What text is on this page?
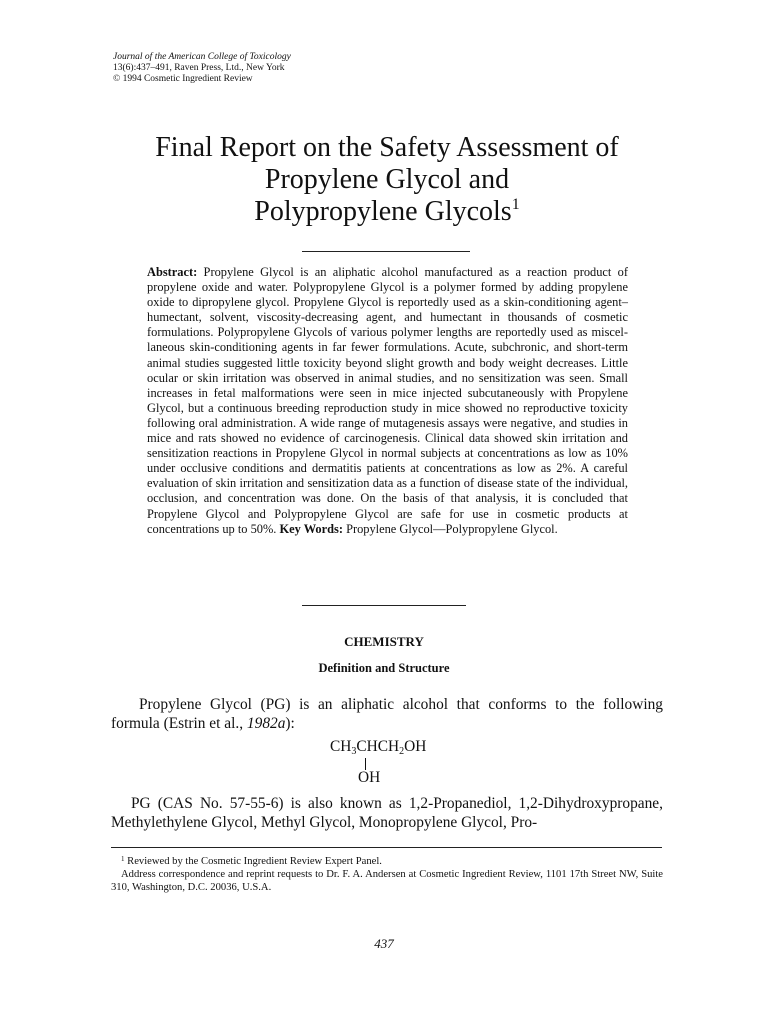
Journal of the American College of Toxicology
13(6):437–491, Raven Press, Ltd., New York
© 1994 Cosmetic Ingredient Review
Final Report on the Safety Assessment of
Propylene Glycol and
Polypropylene Glycols$^1$
Abstract: Propylene Glycol is an aliphatic alcohol manufactured as a reaction product of propylene oxide and water. Polypropylene Glycol is a polymer formed by adding propylene oxide to dipropylene glycol. Propylene Glycol is reportedly used as a skin-conditioning agent–humectant, solvent, viscosity-decreasing agent, and humectant in thousands of cosmetic formulations. Polypropylene Glycols of various polymer lengths are reportedly used as miscellaneous skin-conditioning agents in far fewer formulations. Acute, subchronic, and short-term animal studies suggested little toxicity beyond slight growth and body weight decreases. Little ocular or skin irritation was observed in animal studies, and no sensitization was seen. Small increases in fetal malformations were seen in mice injected subcutaneously with Propylene Glycol, but a continuous breeding reproduction study in mice showed no reproductive toxicity following oral administration. A wide range of mutagenesis assays were negative, and studies in mice and rats showed no evidence of carcinogenesis. Clinical data showed skin irritation and sensitization reactions in Propylene Glycol in normal subjects at concentrations as low as 10% under occlusive conditions and dermatitis patients at concentrations as low as 2%. A careful evaluation of skin irritation and sensitization data as a function of disease state of the individual, occlusion, and concentration was done. On the basis of that analysis, it is concluded that Propylene Glycol and Polypropylene Glycol are safe for use in cosmetic products at concentrations up to 50%. Key Words: Propylene Glycol—Polypropylene Glycol.
CHEMISTRY
Definition and Structure
Propylene Glycol (PG) is an aliphatic alcohol that conforms to the following formula (Estrin et al., 1982a):
$CH_3CHCH_2OH$
OH
PG (CAS No. 57-55-6) is also known as 1,2-Propanediol, 1,2-Dihydroxypropane, Methylethylene Glycol, Methyl Glycol, Monopropylene Glycol, Pro-
$^1$ Reviewed by the Cosmetic Ingredient Review Expert Panel.
Address correspondence and reprint requests to Dr. F. A. Andersen at Cosmetic Ingredient Review, 1101 17th Street NW, Suite 310, Washington, D.C. 20036, U.S.A.
437
